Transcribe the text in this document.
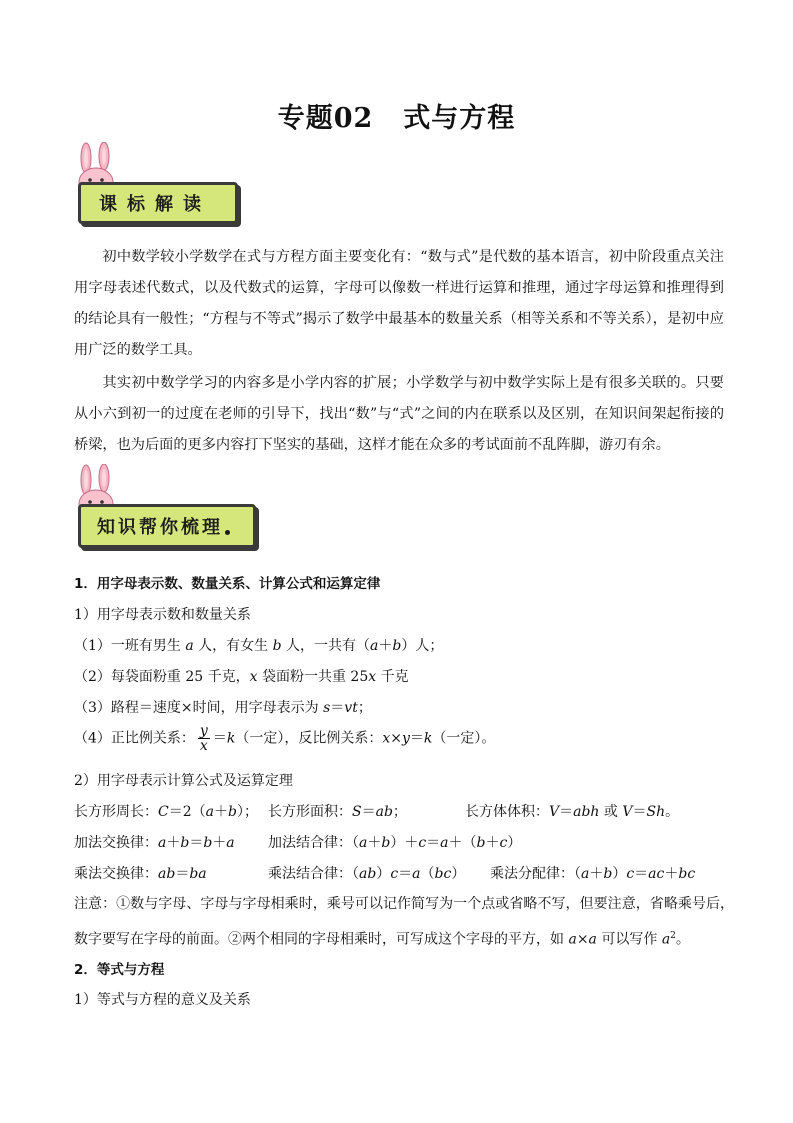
专题02 式与方程
课标解读
初中数学较小学数学在式与方程方面主要变化有：“数与式”是代数的基本语言，初中阶段重点关注用字母表述代数式，以及代数式的运算，字母可以像数一样进行运算和推理，通过字母运算和推理得到的结论具有一般性；“方程与不等式”揭示了数学中最基本的数量关系（相等关系和不等关系），是初中应用广泛的数学工具。
其实初中数学学习的内容多是小学内容的扩展；小学数学与初中数学实际上是有很多关联的。只要从小六到初一的过度在老师的引导下，找出“数”与“式”之间的内在联系以及区别，在知识间架起衔接的桥梁，也为后面的更多内容打下坚实的基础，这样才能在众多的考试面前不乱阵脚，游刃有余。
知识帮你梳理
1．用字母表示数、数量关系、计算公式和运算定律
1）用字母表示数和数量关系
（1）一班有男生 a 人，有女生 b 人，一共有（a＋b）人；
（2）每袋面粉重 25 千克，x 袋面粉一共重 25x 千克
（3）路程＝速度×时间，用字母表示为 s＝vt；
（4）正比例关系： $\frac{y}{x} =k$（一定），反比例关系：x×y＝k（一定）。
2）用字母表示计算公式及运算定理
长方形周长：C＝2（a＋b）； 长方形面积：S＝ab；	长方体体积：V＝abh 或 V＝Sh。
加法交换律：a＋b＝b＋a 加法结合律：（a＋b）＋c＝a＋（b＋c）
乘法交换律：ab＝ba	乘法结合律：（ab）c＝a（bc） 乘法分配律：（a＋b）c＝ac＋bc
注意：①数与字母、字母与字母相乘时，乘号可以记作简写为一个点或省略不写，但要注意，省略乘号后，数字要写在字母的前面。②两个相同的字母相乘时，可写成这个字母的平方，如 a×a 可以写作 $a^2$。
2．等式与方程
1）等式与方程的意义及关系
